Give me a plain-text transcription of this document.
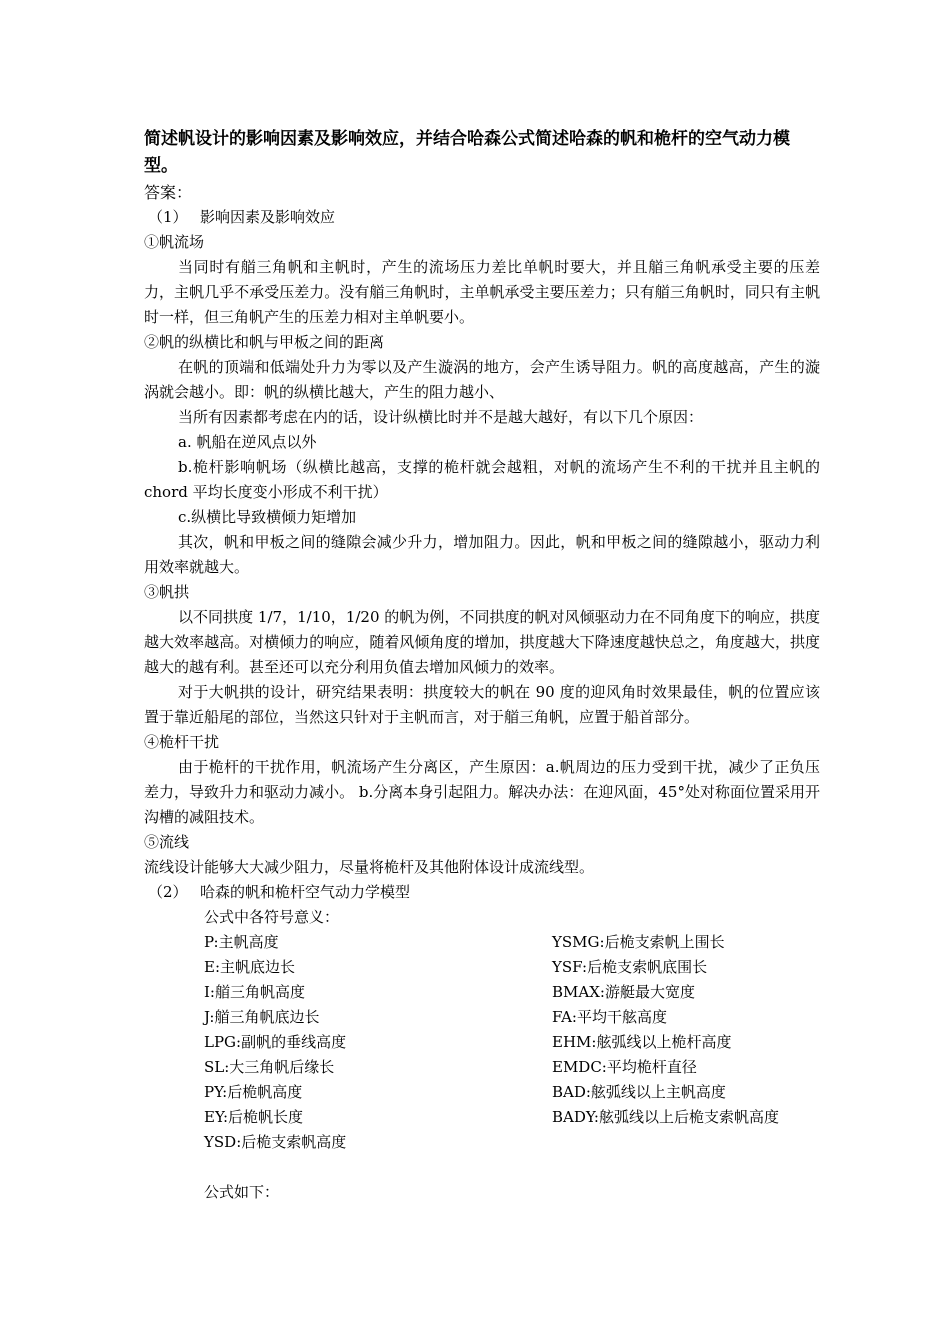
简述帆设计的影响因素及影响效应，并结合哈森公式简述哈森的帆和桅杆的空气动力模型。

答案：

（1） 影响因素及影响效应

①帆流场

当同时有艏三角帆和主帆时，产生的流场压力差比单帆时要大，并且艏三角帆承受主要的压差力，主帆几乎不承受压差力。没有艏三角帆时，主单帆承受主要压差力；只有艏三角帆时，同只有主帆时一样，但三角帆产生的压差力相对主单帆要小。

②帆的纵横比和帆与甲板之间的距离

在帆的顶端和低端处升力为零以及产生漩涡的地方，会产生诱导阻力。帆的高度越高，产生的漩涡就会越小。即：帆的纵横比越大，产生的阻力越小、

当所有因素都考虑在内的话，设计纵横比时并不是越大越好，有以下几个原因：

a. 帆船在逆风点以外

b.桅杆影响帆场（纵横比越高，支撑的桅杆就会越粗，对帆的流场产生不利的干扰并且主帆的 chord 平均长度变小形成不利干扰）

c.纵横比导致横倾力矩增加

其次，帆和甲板之间的缝隙会减少升力，增加阻力。因此，帆和甲板之间的缝隙越小，驱动力利用效率就越大。

③帆拱

以不同拱度 1/7，1/10，1/20 的帆为例，不同拱度的帆对风倾驱动力在不同角度下的响应，拱度越大效率越高。对横倾力的响应，随着风倾角度的增加，拱度越大下降速度越快总之，角度越大，拱度越大的越有利。甚至还可以充分利用负值去增加风倾力的效率。

对于大帆拱的设计，研究结果表明：拱度较大的帆在 90 度的迎风角时效果最佳，帆的位置应该置于靠近船尾的部位，当然这只针对于主帆而言，对于艏三角帆，应置于船首部分。

④桅杆干扰

由于桅杆的干扰作用，帆流场产生分离区，产生原因：a.帆周边的压力受到干扰，减少了正负压差力，导致升力和驱动力减小。 b.分离本身引起阻力。解决办法：在迎风面，45°处对称面位置采用开沟槽的减阻技术。

⑤流线

流线设计能够大大减少阻力，尽量将桅杆及其他附体设计成流线型。

（2） 哈森的帆和桅杆空气动力学模型

公式中各符号意义：

P:主帆高度	YSMG:后桅支索帆上围长
E:主帆底边长	YSF:后桅支索帆底围长
I:艏三角帆高度	BMAX:游艇最大宽度
J:艏三角帆底边长	FA:平均干舷高度
LPG:副帆的垂线高度	EHM:舷弧线以上桅杆高度
SL:大三角帆后缘长	EMDC:平均桅杆直径
PY:后桅帆高度	BAD:舷弧线以上主帆高度
EY:后桅帆长度	BADY:舷弧线以上后桅支索帆高度
YSD:后桅支索帆高度

公式如下：
